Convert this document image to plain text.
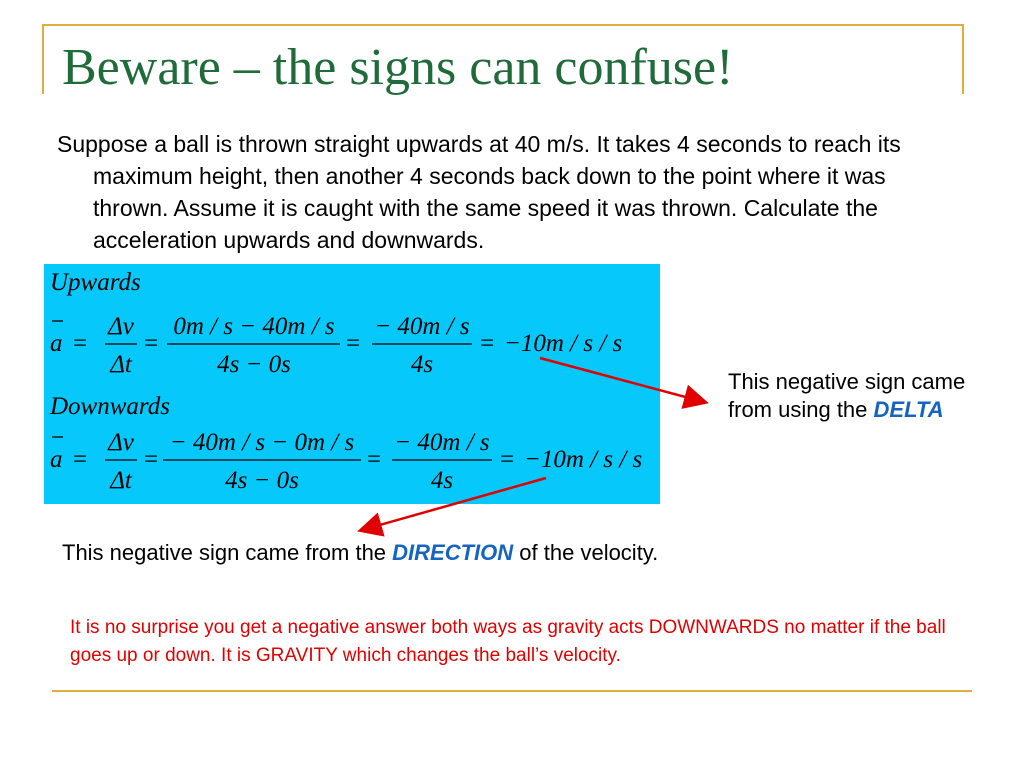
Beware – the signs can confuse!
Suppose a ball is thrown straight upwards at 40 m/s. It takes 4 seconds to reach its maximum height, then another 4 seconds back down to the point where it was thrown. Assume it is caught with the same speed it was thrown. Calculate the acceleration upwards and downwards.
Upwards
a =
Δv
Δt
=
0m / s − 40m / s
4s − 0s
=
− 40m / s
4s
= −10m / s / s
Downwards
a =
Δv
Δt
=
− 40m / s − 0m / s
4s − 0s
=
− 40m / s
4s
= −10m / s / s
This negative sign came from using the DELTA
This negative sign came from the DIRECTION of the velocity.
It is no surprise you get a negative answer both ways as gravity acts DOWNWARDS no matter if the ball goes up or down. It is GRAVITY which changes the ball’s velocity.
